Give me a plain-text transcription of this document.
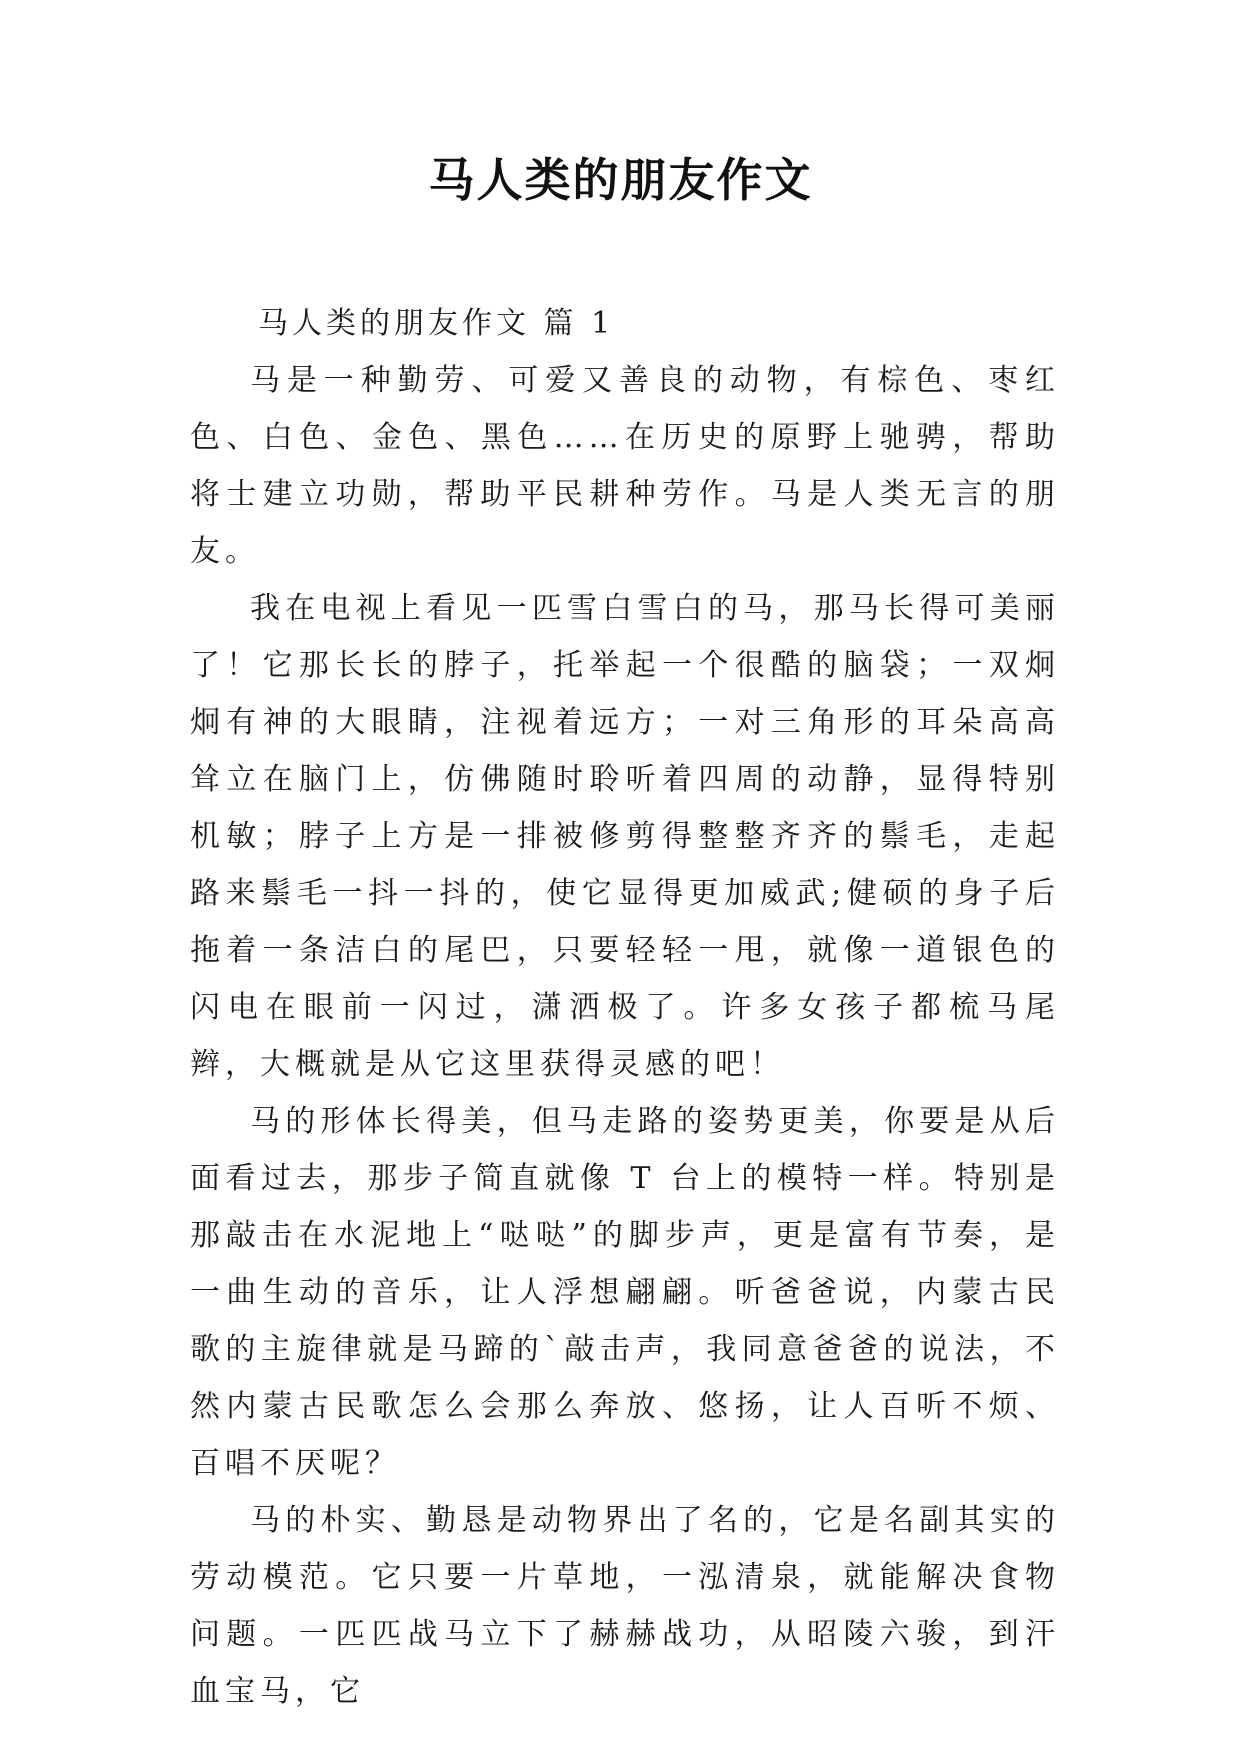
马人类的朋友作文
马人类的朋友作文 篇 1

马是一种勤劳、可爱又善良的动物，有棕色、枣红色、白色、金色、黑色……在历史的原野上驰骋，帮助将士建立功勋，帮助平民耕种劳作。马是人类无言的朋友。

我在电视上看见一匹雪白雪白的马，那马长得可美丽了！它那长长的脖子，托举起一个很酷的脑袋；一双炯炯有神的大眼睛，注视着远方；一对三角形的耳朵高高耸立在脑门上，仿佛随时聆听着四周的动静，显得特别机敏；脖子上方是一排被修剪得整整齐齐的鬃毛，走起路来鬃毛一抖一抖的，使它显得更加威武;健硕的身子后拖着一条洁白的尾巴，只要轻轻一甩，就像一道银色的闪电在眼前一闪过，潇洒极了。许多女孩子都梳马尾辫，大概就是从它这里获得灵感的吧！

马的形体长得美，但马走路的姿势更美，你要是从后面看过去，那步子简直就像 T 台上的模特一样。特别是那敲击在水泥地上“哒哒”的脚步声，更是富有节奏，是一曲生动的音乐，让人浮想翩翩。听爸爸说，内蒙古民歌的主旋律就是马蹄的`敲击声，我同意爸爸的说法，不然内蒙古民歌怎么会那么奔放、悠扬，让人百听不烦、百唱不厌呢？

马的朴实、勤恳是动物界出了名的，它是名副其实的劳动模范。它只要一片草地，一泓清泉，就能解决食物问题。一匹匹战马立下了赫赫战功，从昭陵六骏，到汗血宝马，它
